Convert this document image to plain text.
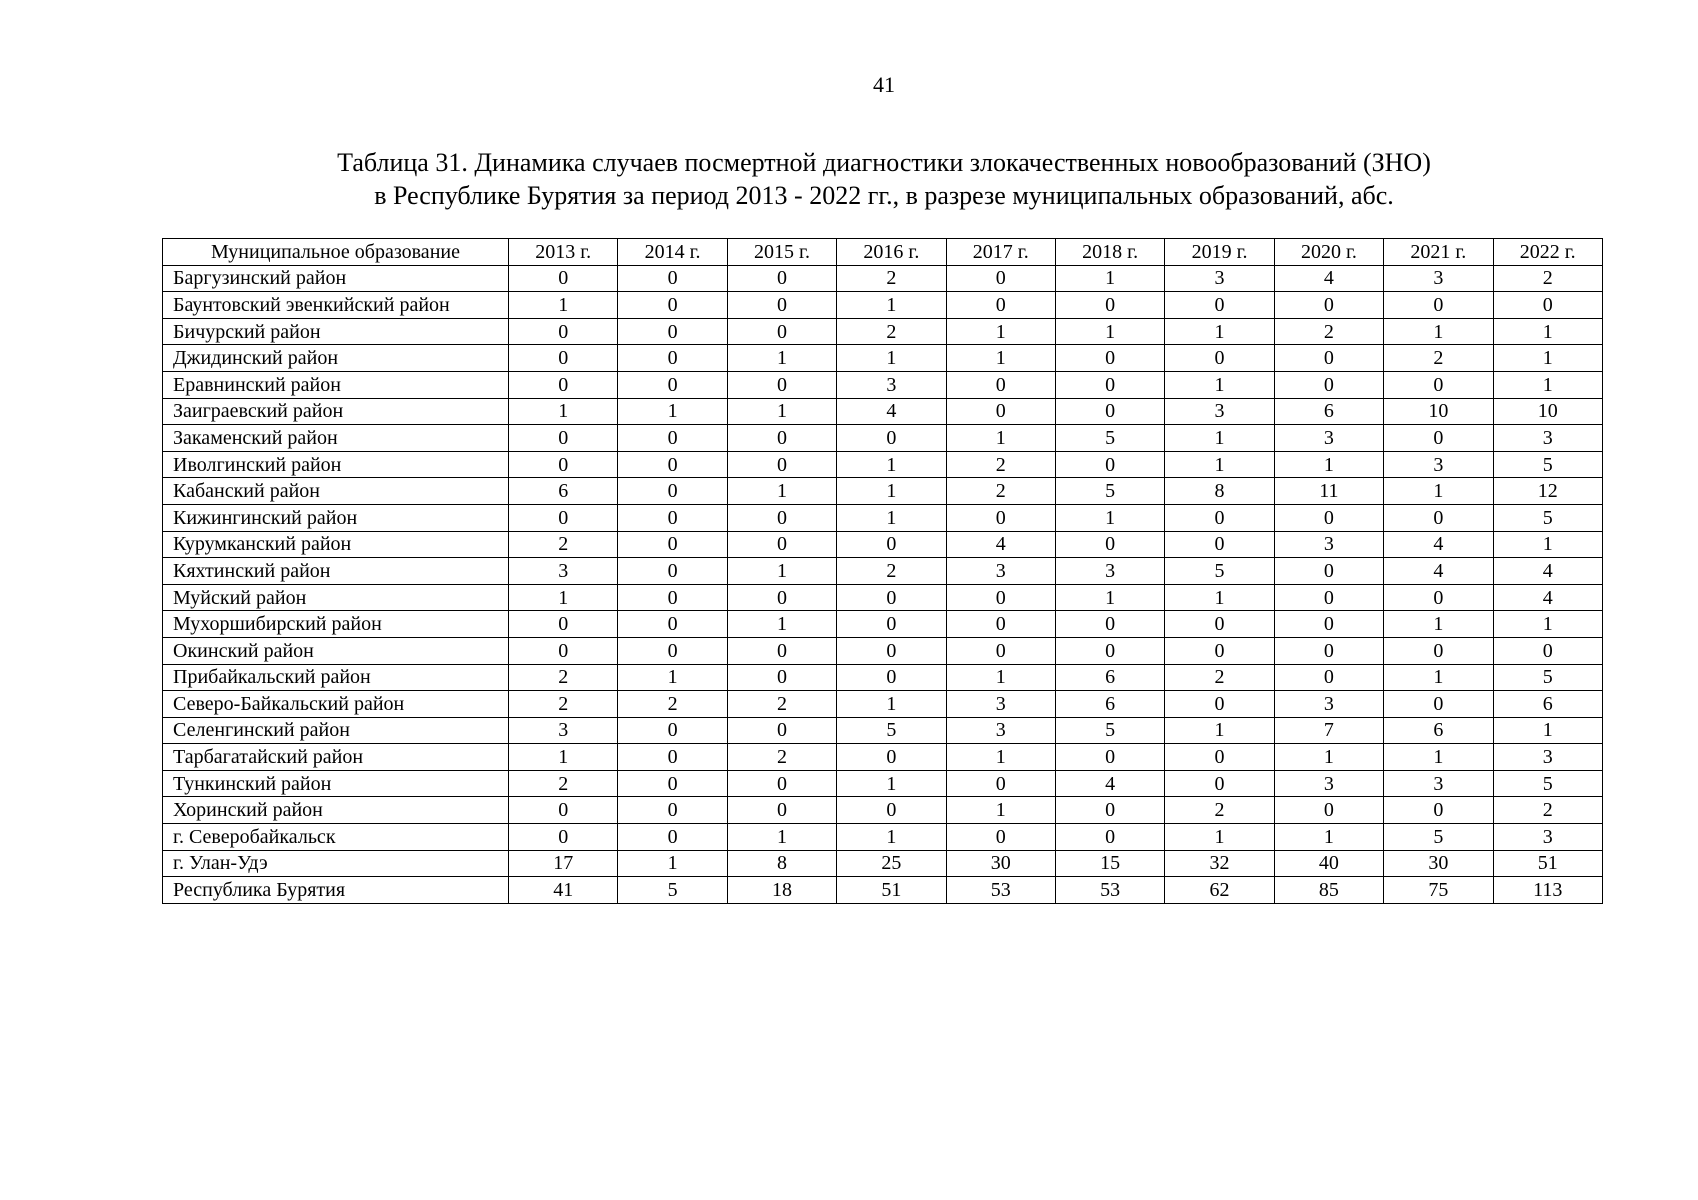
41
Таблица 31. Динамика случаев посмертной диагностики злокачественных новообразований (ЗНО)
в Республике Бурятия за период 2013 - 2022 гг., в разрезе муниципальных образований, абс.
Муниципальное образование	2013 г.	2014 г.	2015 г.	2016 г.	2017 г.	2018 г.	2019 г.	2020 г.	2021 г.	2022 г.
Баргузинский район	0	0	0	2	0	1	3	4	3	2
Баунтовский эвенкийский район	1	0	0	1	0	0	0	0	0	0
Бичурский район	0	0	0	2	1	1	1	2	1	1
Джидинский район	0	0	1	1	1	0	0	0	2	1
Еравнинский район	0	0	0	3	0	0	1	0	0	1
Заиграевский район	1	1	1	4	0	0	3	6	10	10
Закаменский район	0	0	0	0	1	5	1	3	0	3
Иволгинский район	0	0	0	1	2	0	1	1	3	5
Кабанский район	6	0	1	1	2	5	8	11	1	12
Кижингинский район	0	0	0	1	0	1	0	0	0	5
Курумканский район	2	0	0	0	4	0	0	3	4	1
Кяхтинский район	3	0	1	2	3	3	5	0	4	4
Муйский район	1	0	0	0	0	1	1	0	0	4
Мухоршибирский район	0	0	1	0	0	0	0	0	1	1
Окинский район	0	0	0	0	0	0	0	0	0	0
Прибайкальский район	2	1	0	0	1	6	2	0	1	5
Северо-Байкальский район	2	2	2	1	3	6	0	3	0	6
Селенгинский район	3	0	0	5	3	5	1	7	6	1
Тарбагатайский район	1	0	2	0	1	0	0	1	1	3
Тункинский район	2	0	0	1	0	4	0	3	3	5
Хоринский район	0	0	0	0	1	0	2	0	0	2
г. Северобайкальск	0	0	1	1	0	0	1	1	5	3
г. Улан-Удэ	17	1	8	25	30	15	32	40	30	51
Республика Бурятия	41	5	18	51	53	53	62	85	75	113
